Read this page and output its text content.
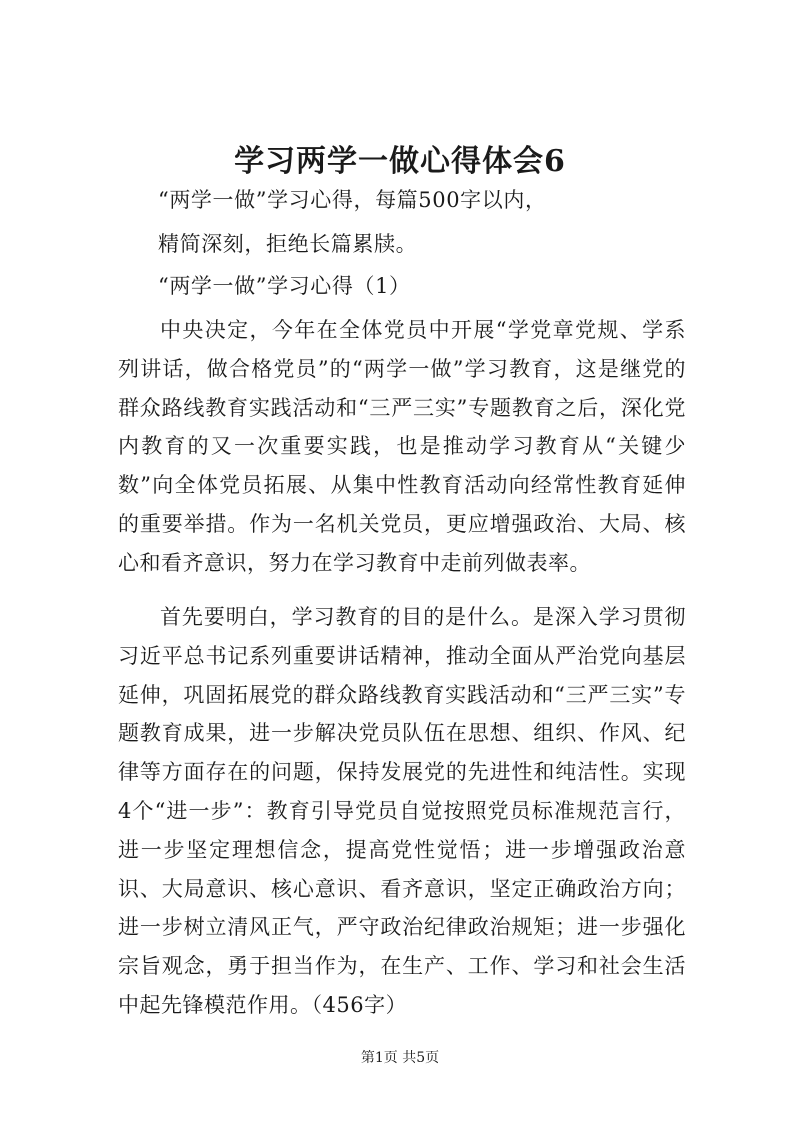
学习两学一做心得体会6
“两学一做”学习心得，每篇500字以内，
精简深刻，拒绝长篇累牍。
“两学一做”学习心得（1）
中央决定，今年在全体党员中开展“学党章党规、学系列讲话，做合格党员”的“两学一做”学习教育，这是继党的群众路线教育实践活动和“三严三实”专题教育之后，深化党内教育的又一次重要实践，也是推动学习教育从“关键少数”向全体党员拓展、从集中性教育活动向经常性教育延伸的重要举措。作为一名机关党员，更应增强政治、大局、核心和看齐意识，努力在学习教育中走前列做表率。
首先要明白，学习教育的目的是什么。是深入学习贯彻习近平总书记系列重要讲话精神，推动全面从严治党向基层延伸，巩固拓展党的群众路线教育实践活动和“三严三实”专题教育成果，进一步解决党员队伍在思想、组织、作风、纪律等方面存在的问题，保持发展党的先进性和纯洁性。实现4个“进一步”：教育引导党员自觉按照党员标准规范言行，进一步坚定理想信念，提高党性觉悟；进一步增强政治意识、大局意识、核心意识、看齐意识，坚定正确政治方向；进一步树立清风正气，严守政治纪律政治规矩；进一步强化宗旨观念，勇于担当作为，在生产、工作、学习和社会生活中起先锋模范作用。（456字）
第1页 共5页
